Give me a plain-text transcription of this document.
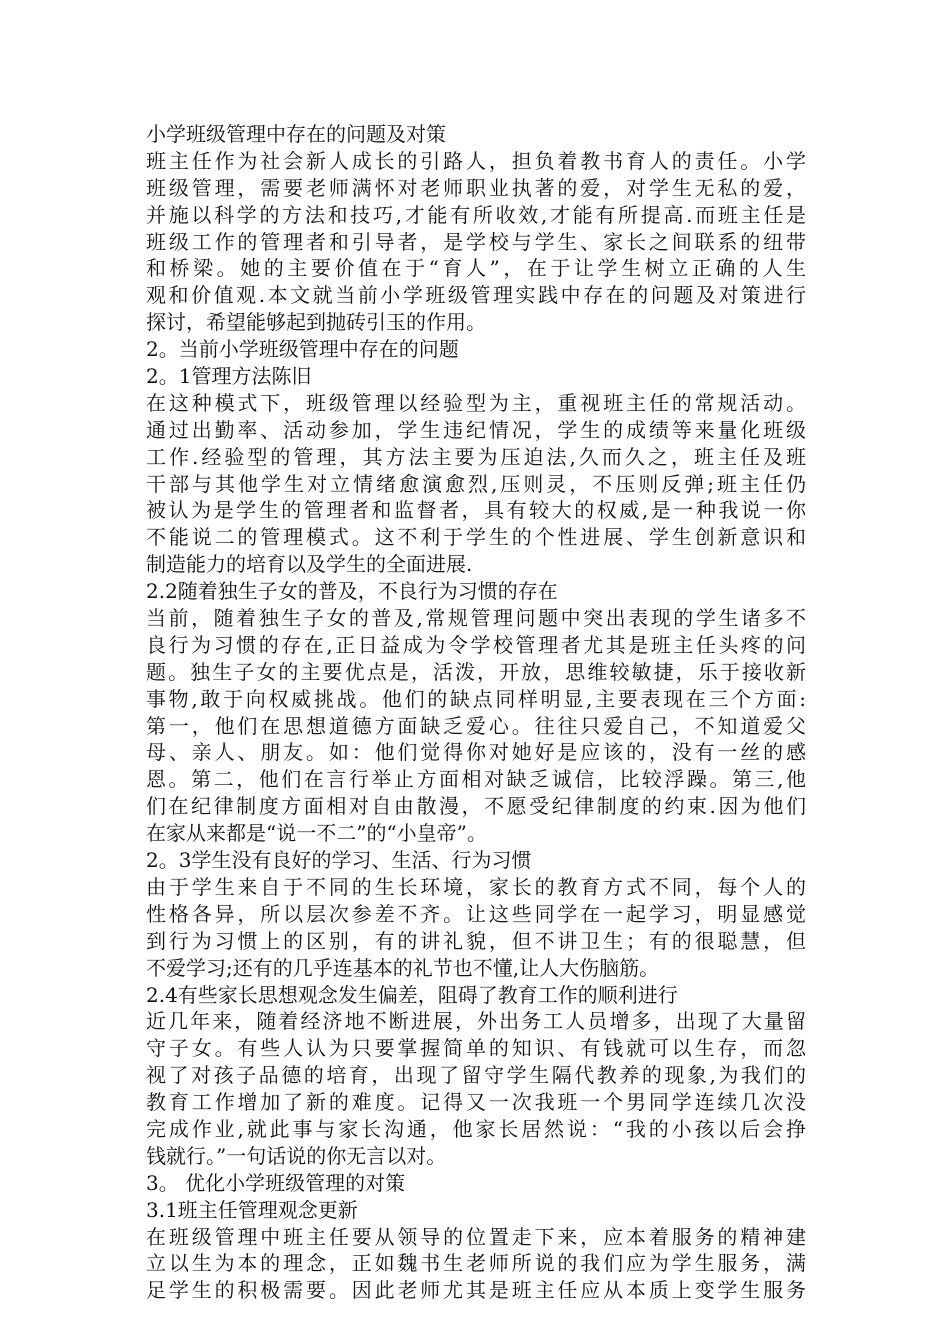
小学班级管理中存在的问题及对策
班主任作为社会新人成长的引路人，担负着教书育人的责任。小学
班级管理，需要老师满怀对老师职业执著的爱，对学生无私的爱，
并施以科学的方法和技巧,才能有所收效,才能有所提高.而班主任是
班级工作的管理者和引导者，是学校与学生、家长之间联系的纽带
和桥梁。她的主要价值在于“育人”，在于让学生树立正确的人生
观和价值观.本文就当前小学班级管理实践中存在的问题及对策进行
探讨，希望能够起到抛砖引玉的作用。
2。当前小学班级管理中存在的问题
2。1管理方法陈旧
在这种模式下，班级管理以经验型为主，重视班主任的常规活动。
通过出勤率、活动参加，学生违纪情况，学生的成绩等来量化班级
工作.经验型的管理，其方法主要为压迫法,久而久之，班主任及班
干部与其他学生对立情绪愈演愈烈,压则灵，不压则反弹;班主任仍
被认为是学生的管理者和监督者，具有较大的权威,是一种我说一你
不能说二的管理模式。这不利于学生的个性进展、学生创新意识和
制造能力的培育以及学生的全面进展.
2.2随着独生子女的普及，不良行为习惯的存在
当前，随着独生子女的普及,常规管理问题中突出表现的学生诸多不
良行为习惯的存在,正日益成为令学校管理者尤其是班主任头疼的问
题。独生子女的主要优点是，活泼，开放，思维较敏捷，乐于接收新
事物,敢于向权威挑战。他们的缺点同样明显,主要表现在三个方面:
第一，他们在思想道德方面缺乏爱心。往往只爱自己，不知道爱父
母、亲人、朋友。如：他们觉得你对她好是应该的，没有一丝的感
恩。第二，他们在言行举止方面相对缺乏诚信，比较浮躁。第三,他
们在纪律制度方面相对自由散漫，不愿受纪律制度的约束.因为他们
在家从来都是“说一不二”的“小皇帝”。
2。3学生没有良好的学习、生活、行为习惯
由于学生来自于不同的生长环境，家长的教育方式不同，每个人的
性格各异，所以层次参差不齐。让这些同学在一起学习，明显感觉
到行为习惯上的区别，有的讲礼貌，但不讲卫生；有的很聪慧，但
不爱学习;还有的几乎连基本的礼节也不懂,让人大伤脑筋。
2.4有些家长思想观念发生偏差，阻碍了教育工作的顺利进行
近几年来，随着经济地不断进展，外出务工人员增多，出现了大量留
守子女。有些人认为只要掌握简单的知识、有钱就可以生存，而忽
视了对孩子品德的培育，出现了留守学生隔代教养的现象,为我们的
教育工作增加了新的难度。记得又一次我班一个男同学连续几次没
完成作业,就此事与家长沟通，他家长居然说：“我的小孩以后会挣
钱就行。”一句话说的你无言以对。
3。 优化小学班级管理的对策
3.1班主任管理观念更新
在班级管理中班主任要从领导的位置走下来，应本着服务的精神建
立以生为本的理念，正如魏书生老师所说的我们应为学生服务，满
足学生的积极需要。因此老师尤其是班主任应从本质上变学生服务
